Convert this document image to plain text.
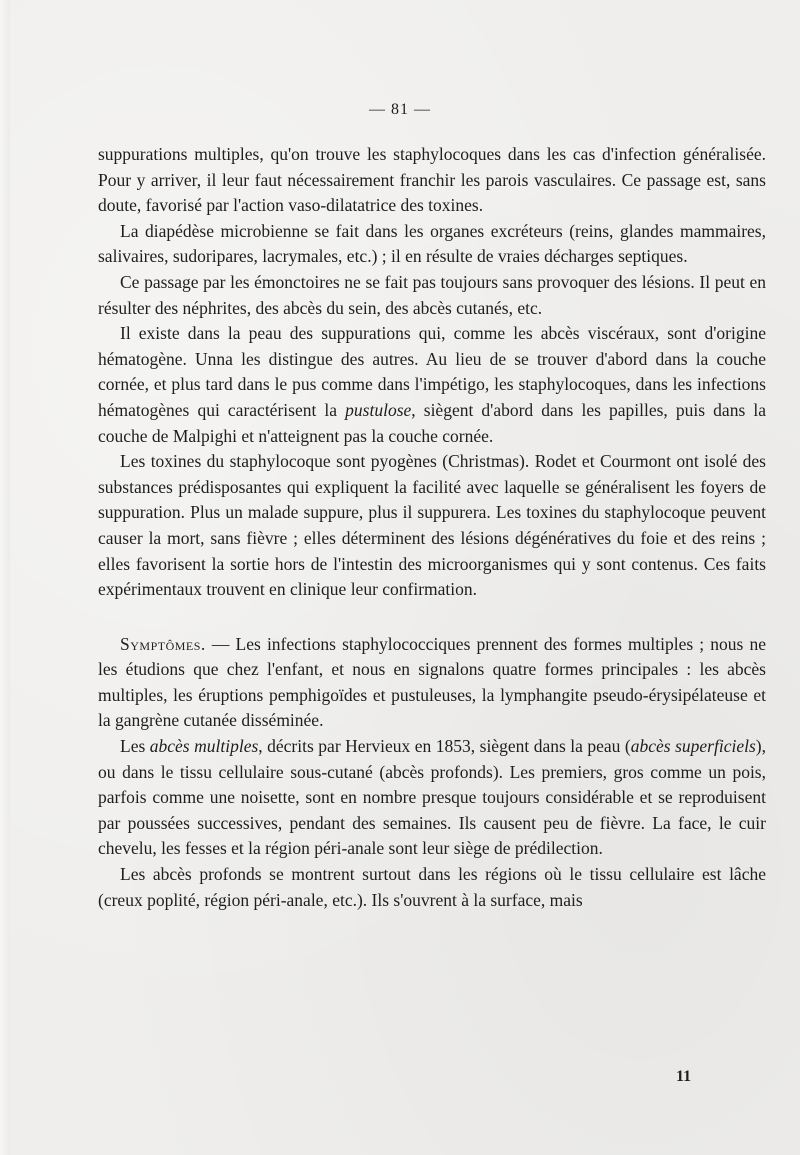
— 81 —

suppurations multiples, qu'on trouve les staphylocoques dans les cas d'infection généralisée. Pour y arriver, il leur faut nécessairement franchir les parois vasculaires. Ce passage est, sans doute, favorisé par l'action vaso-dilatatrice des toxines.

La diapédèse microbienne se fait dans les organes excréteurs (reins, glandes mammaires, salivaires, sudoripares, lacrymales, etc.) ; il en résulte de vraies décharges septiques.

Ce passage par les émonctoires ne se fait pas toujours sans provoquer des lésions. Il peut en résulter des néphrites, des abcès du sein, des abcès cutanés, etc.

Il existe dans la peau des suppurations qui, comme les abcès viscéraux, sont d'origine hématogène. Unna les distingue des autres. Au lieu de se trouver d'abord dans la couche cornée, et plus tard dans le pus comme dans l'impétigo, les staphylocoques, dans les infections hématogènes qui caractérisent la pustulose, siègent d'abord dans les papilles, puis dans la couche de Malpighi et n'atteignent pas la couche cornée.

Les toxines du staphylocoque sont pyogènes (Christmas). Rodet et Courmont ont isolé des substances prédisposantes qui expliquent la facilité avec laquelle se généralisent les foyers de suppuration. Plus un malade suppure, plus il suppurera. Les toxines du staphylocoque peuvent causer la mort, sans fièvre ; elles déterminent des lésions dégénératives du foie et des reins ; elles favorisent la sortie hors de l'intestin des microorganismes qui y sont contenus. Ces faits expérimentaux trouvent en clinique leur confirmation.

Symptômes. — Les infections staphylococciques prennent des formes multiples ; nous ne les étudions que chez l'enfant, et nous en signalons quatre formes principales : les abcès multiples, les éruptions pemphigoïdes et pustuleuses, la lymphangite pseudo-érysipélateuse et la gangrène cutanée disséminée.

Les abcès multiples, décrits par Hervieux en 1853, siègent dans la peau (abcès superficiels), ou dans le tissu cellulaire sous-cutané (abcès profonds). Les premiers, gros comme un pois, parfois comme une noisette, sont en nombre presque toujours considérable et se reproduisent par poussées successives, pendant des semaines. Ils causent peu de fièvre. La face, le cuir chevelu, les fesses et la région péri-anale sont leur siège de prédilection.

Les abcès profonds se montrent surtout dans les régions où le tissu cellulaire est lâche (creux poplité, région péri-anale, etc.). Ils s'ouvrent à la surface, mais

11
